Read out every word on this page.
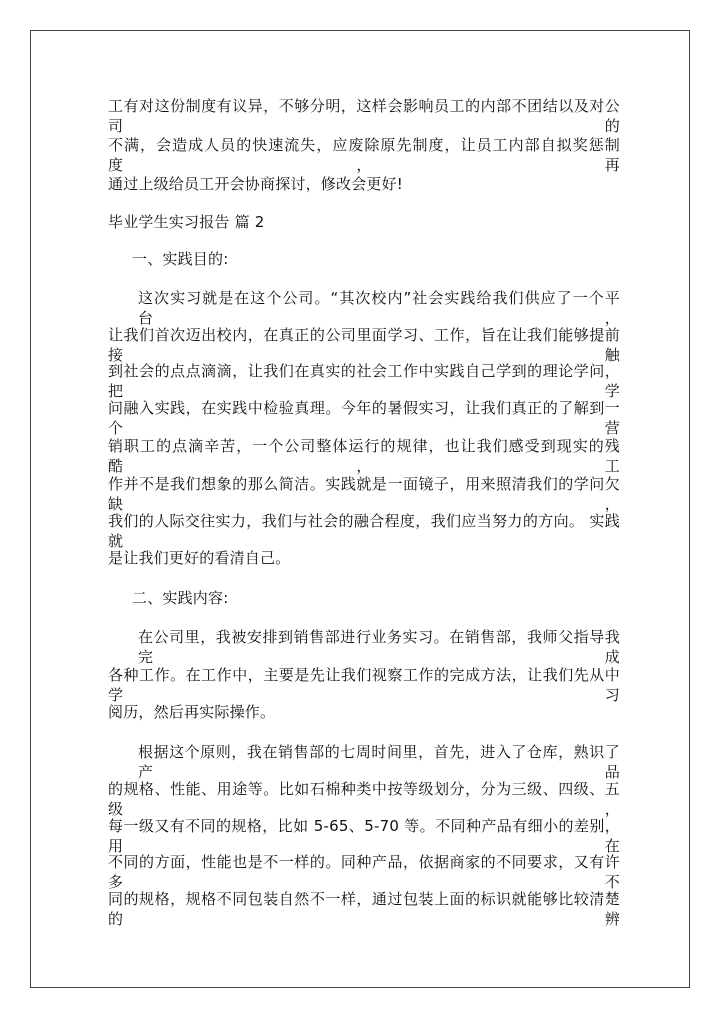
工有对这份制度有议异，不够分明，这样会影响员工的内部不团结以及对公司的
不满，会造成人员的快速流失，应废除原先制度，让员工内部自拟奖惩制度，再
通过上级给员工开会协商探讨，修改会更好!
毕业学生实习报告 篇 2
一、实践目的:
这次实习就是在这个公司。“其次校内”社会实践给我们供应了一个平台，
让我们首次迈出校内，在真正的公司里面学习、工作，旨在让我们能够提前接触
到社会的点点滴滴，让我们在真实的社会工作中实践自己学到的理论学问，把学
问融入实践，在实践中检验真理。今年的暑假实习，让我们真正的了解到一个营
销职工的点滴辛苦，一个公司整体运行的规律，也让我们感受到现实的残酷，工
作并不是我们想象的那么简洁。实践就是一面镜子，用来照清我们的学问欠缺，
我们的人际交往实力，我们与社会的融合程度，我们应当努力的方向。 实践就
是让我们更好的看清自己。
二、实践内容:
在公司里，我被安排到销售部进行业务实习。在销售部，我师父指导我完成
各种工作。在工作中，主要是先让我们视察工作的完成方法，让我们先从中学习
阅历，然后再实际操作。
根据这个原则，我在销售部的七周时间里，首先，进入了仓库，熟识了产品
的规格、性能、用途等。比如石棉种类中按等级划分，分为三级、四级、五级，
每一级又有不同的规格，比如 5-65、5-70 等。不同种产品有细小的差别，用在
不同的方面，性能也是不一样的。同种产品，依据商家的不同要求，又有许多不
同的规格，规格不同包装自然不一样，通过包装上面的标识就能够比较清楚的辨
